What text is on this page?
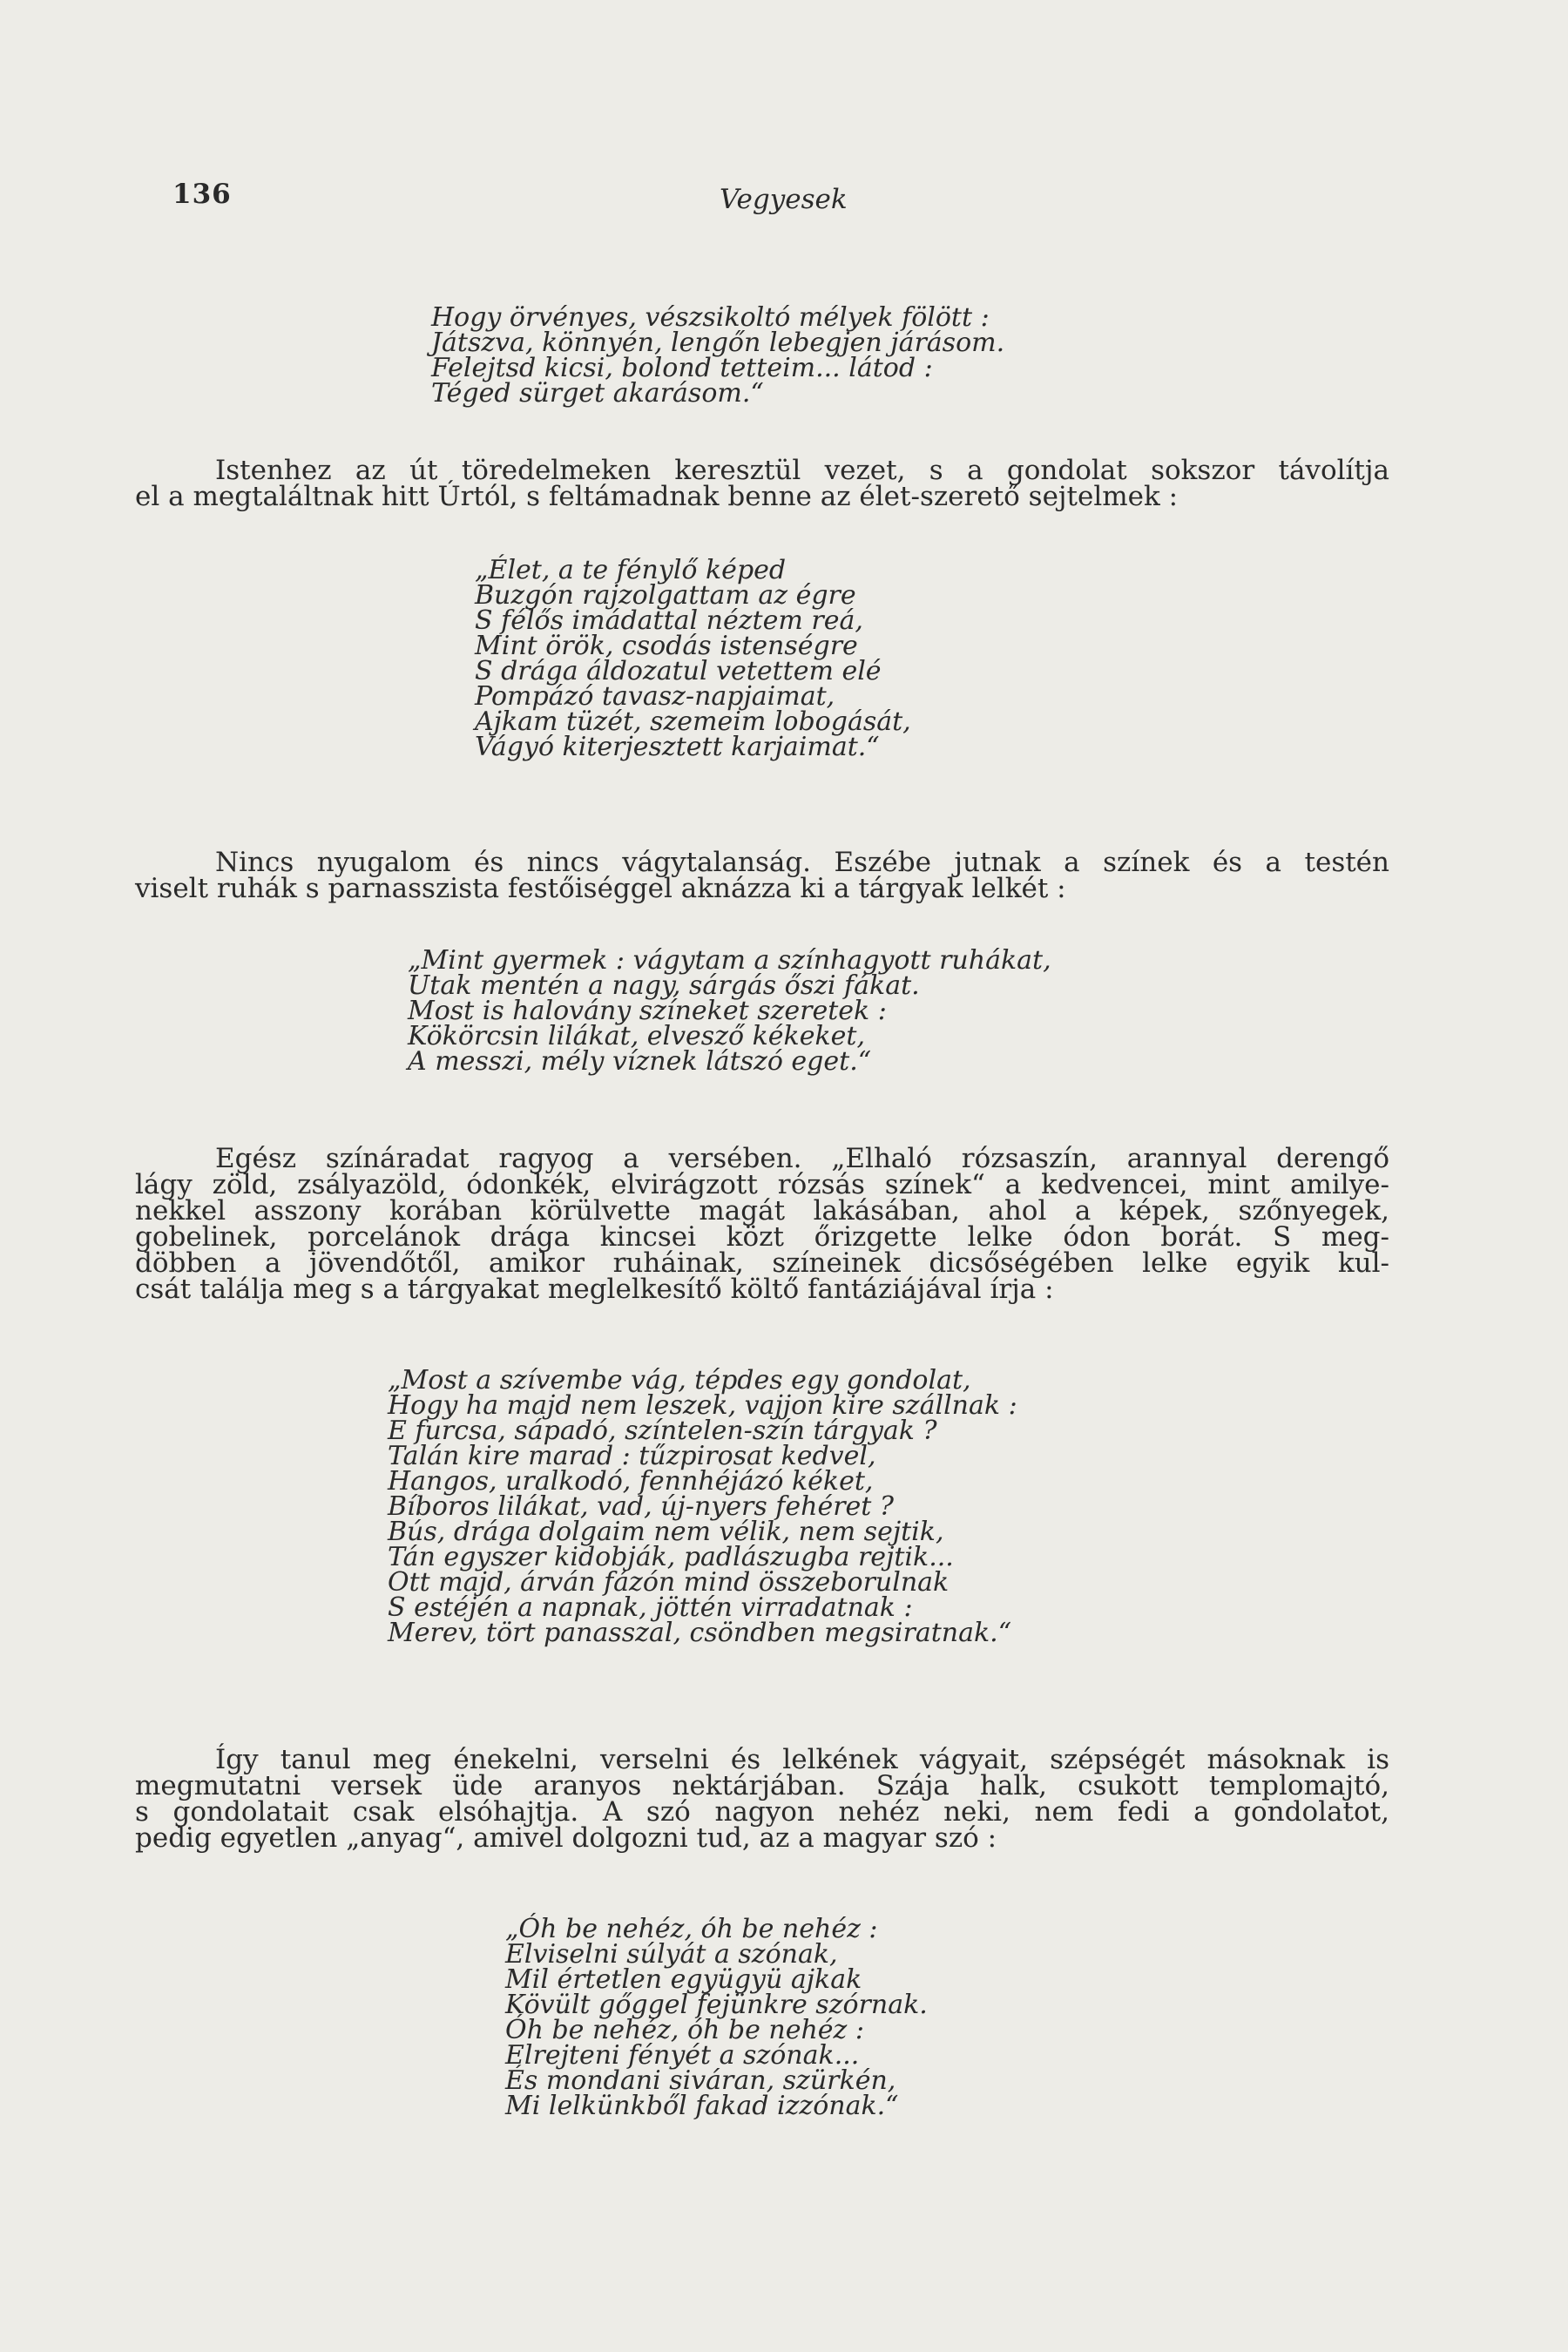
136	Vegyesek
Hogy örvényes, vészsikoltó mélyek fölött :
Játszva, könnyén, lengőn lebegjen járásom.
Felejtsd kicsi, bolond tetteim... látod :
Téged sürget akarásom.“
Istenhez az út töredelmeken keresztül vezet, s a gondolat sokszor távolítja
el a megtaláltnak hitt Úrtól, s feltámadnak benne az élet-szerető sejtelmek :
„Élet, a te fénylő képed
Buzgón rajzolgattam az égre
S félős imádattal néztem reá,
Mint örök, csodás istenségre
S drága áldozatul vetettem elé
Pompázó tavasz-napjaimat,
Ajkam tüzét, szemeim lobogását,
Vágyó kiterjesztett karjaimat.“
Nincs nyugalom és nincs vágytalanság. Eszébe jutnak a színek és a testén
viselt ruhák s parnasszista festőiséggel aknázza ki a tárgyak lelkét :
„Mint gyermek : vágytam a színhagyott ruhákat,
Utak mentén a nagy, sárgás őszi fákat.
Most is halovány színeket szeretek :
Kökörcsin lilákat, elvesző kékeket,
A messzi, mély víznek látszó eget.“
Egész színáradat ragyog a versében. „Elhaló rózsaszín, arannyal derengő
lágy zöld, zsályazöld, ódonkék, elvirágzott rózsás színek“ a kedvencei, mint amilye-
nekkel asszony korában körülvette magát lakásában, ahol a képek, szőnyegek,
gobelinek, porcelánok drága kincsei közt őrizgette lelke ódon borát. S meg-
döbben a jövendőtől, amikor ruháinak, színeinek dicsőségében lelke egyik kul-
csát találja meg s a tárgyakat meglelkesítő költő fantáziájával írja :
„Most a szívembe vág, tépdes egy gondolat,
Hogy ha majd nem leszek, vajjon kire szállnak :
E furcsa, sápadó, színtelen-szín tárgyak ?
Talán kire marad : tűzpirosat kedvel,
Hangos, uralkodó, fennhéjázó kéket,
Bíboros lilákat, vad, új-nyers fehéret ?
Bús, drága dolgaim nem vélik, nem sejtik,
Tán egyszer kidobják, padlászugba rejtik...
Ott majd, árván fázón mind összeborulnak
S estéjén a napnak, jöttén virradatnak :
Merev, tört panasszal, csöndben megsiratnak.“
Így tanul meg énekelni, verselni és lelkének vágyait, szépségét másoknak is
megmutatni versek üde aranyos nektárjában. Szája halk, csukott templomajtó,
s gondolatait csak elsóhajtja. A szó nagyon nehéz neki, nem fedi a gondolatot,
pedig egyetlen „anyag“, amivel dolgozni tud, az a magyar szó :
„Óh be nehéz, óh be nehéz :
Elviselni súlyát a szónak,
Mil értetlen együgyü ajkak
Kövült gőggel fejünkre szórnak.
Óh be nehéz, óh be nehéz :
Elrejteni fényét a szónak...
És mondani siváran, szürkén,
Mi lelkünkből fakad izzónak.“
